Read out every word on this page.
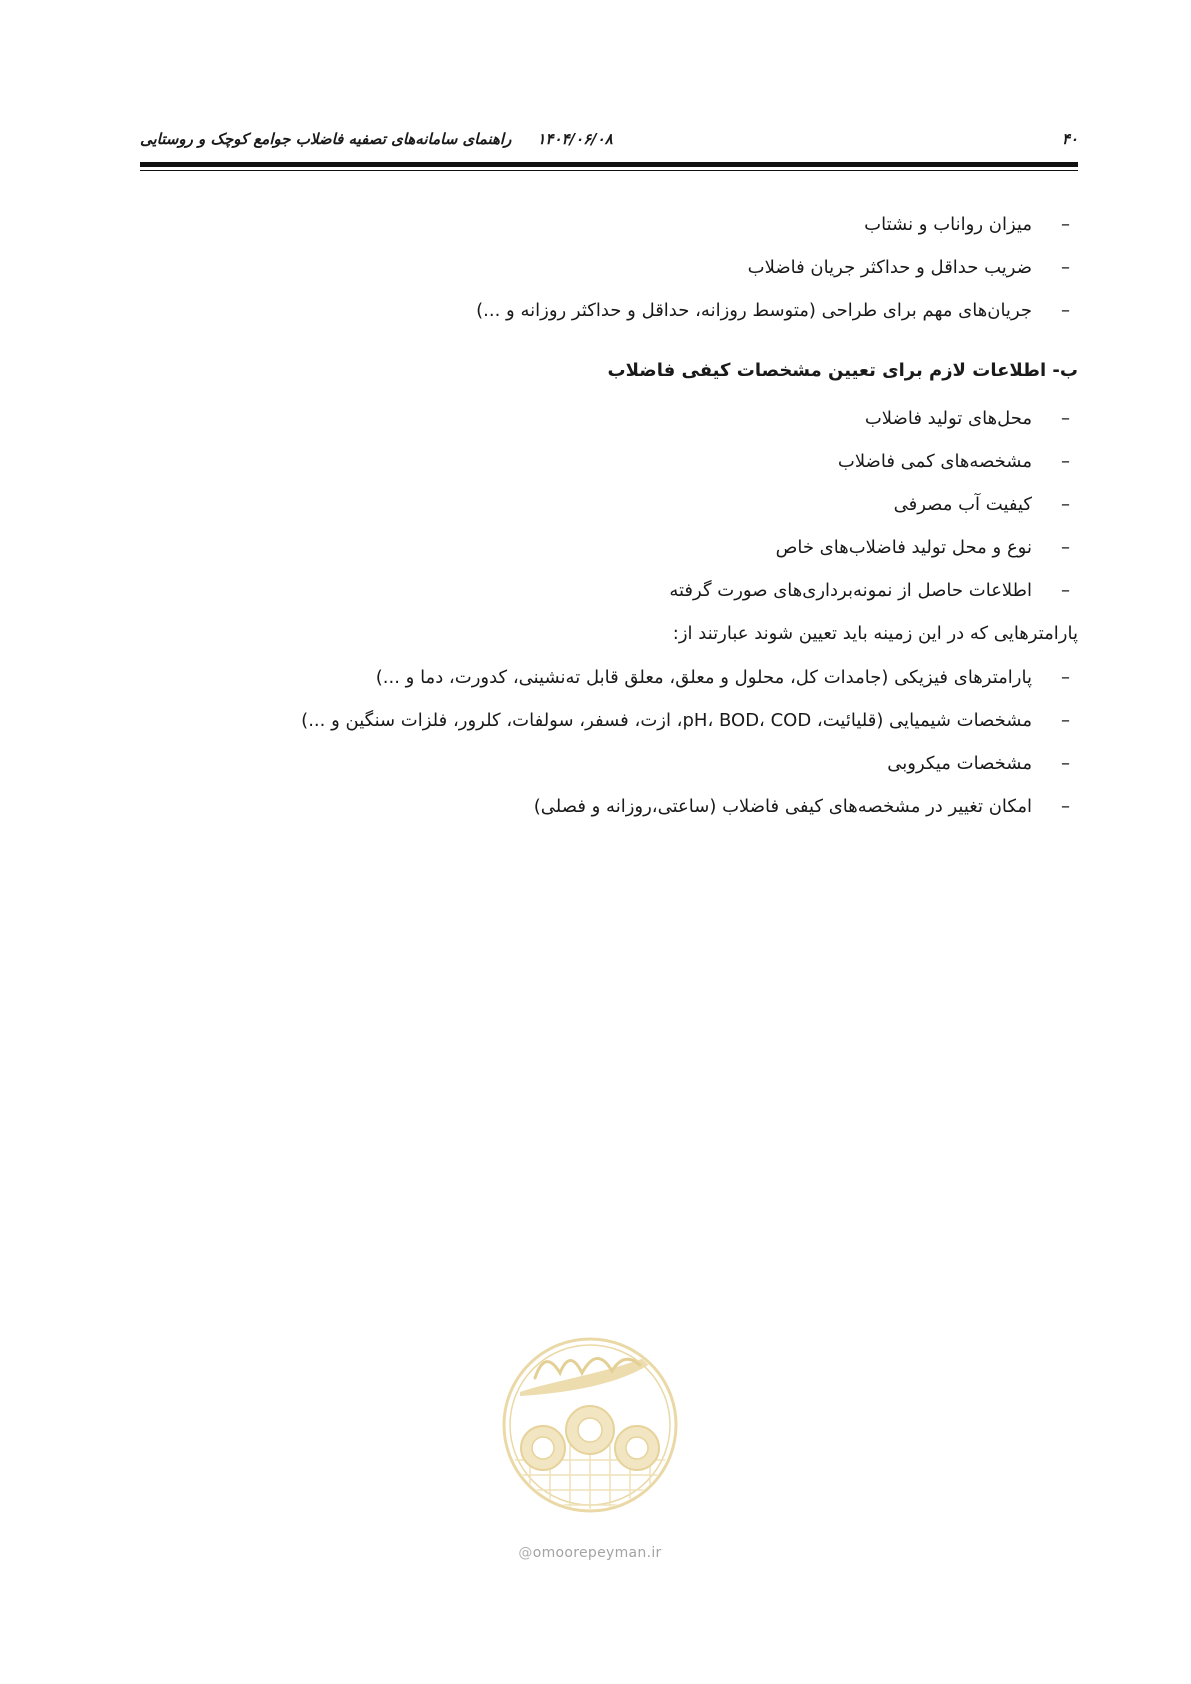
۴۰
۱۴۰۴/۰۶/۰۸راهنمای سامانه‌های تصفیه فاضلاب جوامع کوچک و روستایی
–
میزان رواناب و نشتاب
–
ضریب حداقل و حداکثر جریان فاضلاب
–
جریان‌های مهم برای طراحی (متوسط روزانه، حداقل و حداکثر روزانه و ...)
ب- اطلاعات لازم برای تعیین مشخصات کیفی فاضلاب
–
محل‌های تولید فاضلاب
–
مشخصه‌های کمی فاضلاب
–
کیفیت آب مصرفی
–
نوع و محل تولید فاضلاب‌های خاص
–
اطلاعات حاصل از نمونه‌برداری‌های صورت گرفته

پارامترهایی که در این زمینه باید تعیین شوند عبارتند از:

–
پارامترهای فیزیکی (جامدات کل، محلول و معلق، معلق قابل ته‌نشینی، کدورت، دما و ...)
–
مشخصات شیمیایی (قلیائیت، pH، BOD، COD، ازت، فسفر، سولفات، کلرور، فلزات سنگین و ...)
–
مشخصات میکروبی
–
امکان تغییر در مشخصه‌های کیفی فاضلاب (ساعتی،روزانه و فصلی)
@omoorepeyman.ir
